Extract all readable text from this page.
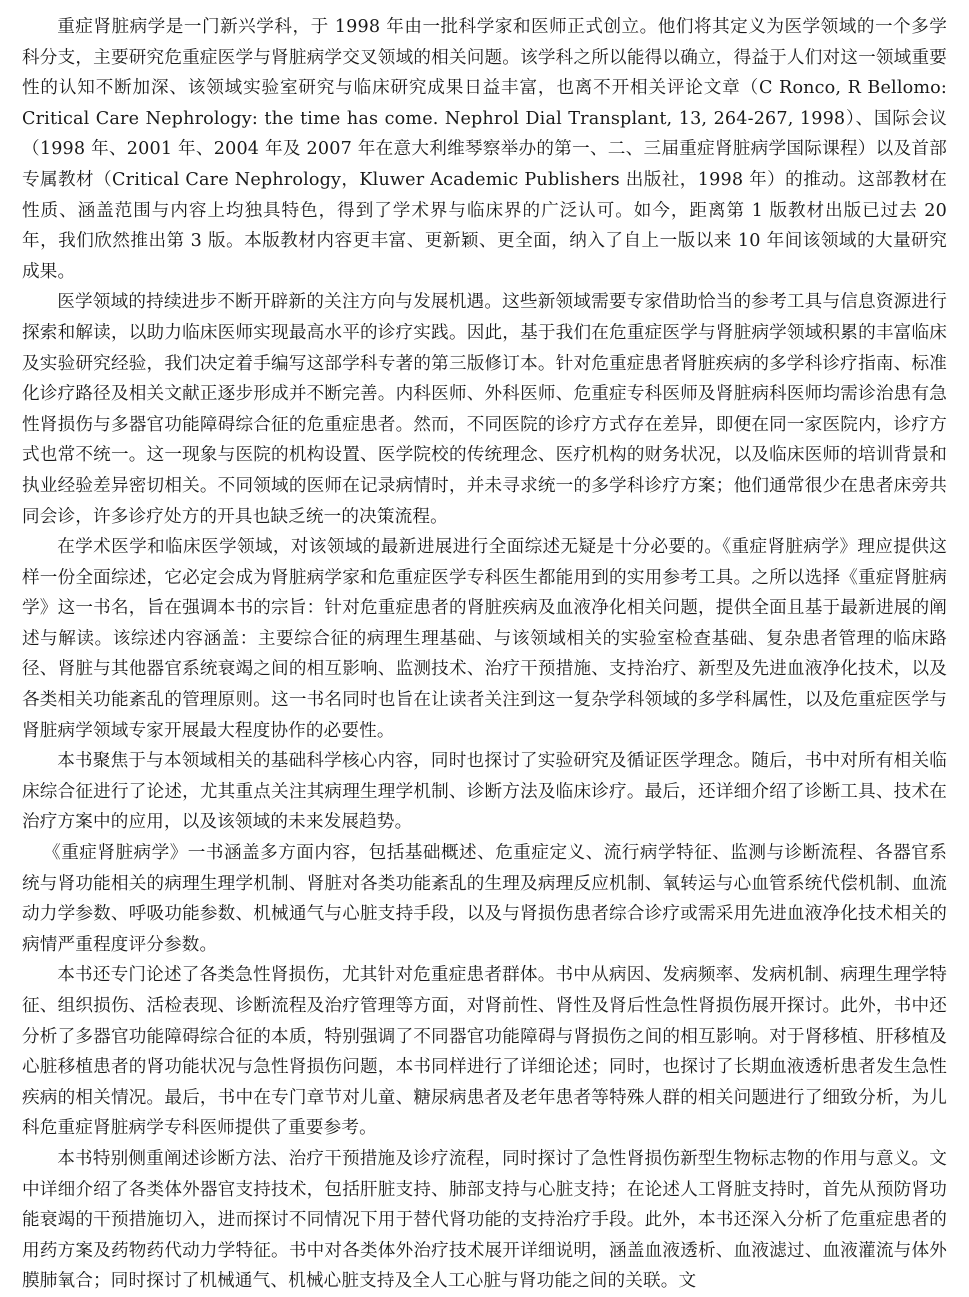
重症肾脏病学是一门新兴学科，于 1998 年由一批科学家和医师正式创立。他们将其定义为医学领域的一个多学科分支，主要研究危重症医学与肾脏病学交叉领域的相关问题。该学科之所以能得以确立，得益于人们对这一领域重要性的认知不断加深、该领域实验室研究与临床研究成果日益丰富，也离不开相关评论文章（C Ronco, R Bellomo: Critical Care Nephrology: the time has come. Nephrol Dial Transplant, 13, 264-267, 1998）、国际会议（1998 年、2001 年、2004 年及 2007 年在意大利维琴察举办的第一、二、三届重症肾脏病学国际课程）以及首部专属教材（Critical Care Nephrology，Kluwer Academic Publishers 出版社，1998 年）的推动。这部教材在性质、涵盖范围与内容上均独具特色，得到了学术界与临床界的广泛认可。如今，距离第 1 版教材出版已过去 20 年，我们欣然推出第 3 版。本版教材内容更丰富、更新颖、更全面，纳入了自上一版以来 10 年间该领域的大量研究成果。

医学领域的持续进步不断开辟新的关注方向与发展机遇。这些新领域需要专家借助恰当的参考工具与信息资源进行探索和解读，以助力临床医师实现最高水平的诊疗实践。因此，基于我们在危重症医学与肾脏病学领域积累的丰富临床及实验研究经验，我们决定着手编写这部学科专著的第三版修订本。针对危重症患者肾脏疾病的多学科诊疗指南、标准化诊疗路径及相关文献正逐步形成并不断完善。内科医师、外科医师、危重症专科医师及肾脏病科医师均需诊治患有急性肾损伤与多器官功能障碍综合征的危重症患者。然而，不同医院的诊疗方式存在差异，即便在同一家医院内，诊疗方式也常不统一。这一现象与医院的机构设置、医学院校的传统理念、医疗机构的财务状况，以及临床医师的培训背景和执业经验差异密切相关。不同领域的医师在记录病情时，并未寻求统一的多学科诊疗方案；他们通常很少在患者床旁共同会诊，许多诊疗处方的开具也缺乏统一的决策流程。

在学术医学和临床医学领域，对该领域的最新进展进行全面综述无疑是十分必要的。《重症肾脏病学》理应提供这样一份全面综述，它必定会成为肾脏病学家和危重症医学专科医生都能用到的实用参考工具。之所以选择《重症肾脏病学》这一书名，旨在强调本书的宗旨：针对危重症患者的肾脏疾病及血液净化相关问题，提供全面且基于最新进展的阐述与解读。该综述内容涵盖：主要综合征的病理生理基础、与该领域相关的实验室检查基础、复杂患者管理的临床路径、肾脏与其他器官系统衰竭之间的相互影响、监测技术、治疗干预措施、支持治疗、新型及先进血液净化技术，以及各类相关功能紊乱的管理原则。这一书名同时也旨在让读者关注到这一复杂学科领域的多学科属性，以及危重症医学与肾脏病学领域专家开展最大程度协作的必要性。

本书聚焦于与本领域相关的基础科学核心内容，同时也探讨了实验研究及循证医学理念。随后，书中对所有相关临床综合征进行了论述，尤其重点关注其病理生理学机制、诊断方法及临床诊疗。最后，还详细介绍了诊断工具、技术在治疗方案中的应用，以及该领域的未来发展趋势。

《重症肾脏病学》一书涵盖多方面内容，包括基础概述、危重症定义、流行病学特征、监测与诊断流程、各器官系统与肾功能相关的病理生理学机制、肾脏对各类功能紊乱的生理及病理反应机制、氧转运与心血管系统代偿机制、血流动力学参数、呼吸功能参数、机械通气与心脏支持手段，以及与肾损伤患者综合诊疗或需采用先进血液净化技术相关的病情严重程度评分参数。

本书还专门论述了各类急性肾损伤，尤其针对危重症患者群体。书中从病因、发病频率、发病机制、病理生理学特征、组织损伤、活检表现、诊断流程及治疗管理等方面，对肾前性、肾性及肾后性急性肾损伤展开探讨。此外，书中还分析了多器官功能障碍综合征的本质，特别强调了不同器官功能障碍与肾损伤之间的相互影响。对于肾移植、肝移植及心脏移植患者的肾功能状况与急性肾损伤问题，本书同样进行了详细论述；同时，也探讨了长期血液透析患者发生急性疾病的相关情况。最后，书中在专门章节对儿童、糖尿病患者及老年患者等特殊人群的相关问题进行了细致分析，为儿科危重症肾脏病学专科医师提供了重要参考。

本书特别侧重阐述诊断方法、治疗干预措施及诊疗流程，同时探讨了急性肾损伤新型生物标志物的作用与意义。文中详细介绍了各类体外器官支持技术，包括肝脏支持、肺部支持与心脏支持；在论述人工肾脏支持时，首先从预防肾功能衰竭的干预措施切入，进而探讨不同情况下用于替代肾功能的支持治疗手段。此外，本书还深入分析了危重症患者的用药方案及药物药代动力学特征。书中对各类体外治疗技术展开详细说明，涵盖血液透析、血液滤过、血液灌流与体外膜肺氧合；同时探讨了机械通气、机械心脏支持及全人工心脏与肾功能之间的关联。文
